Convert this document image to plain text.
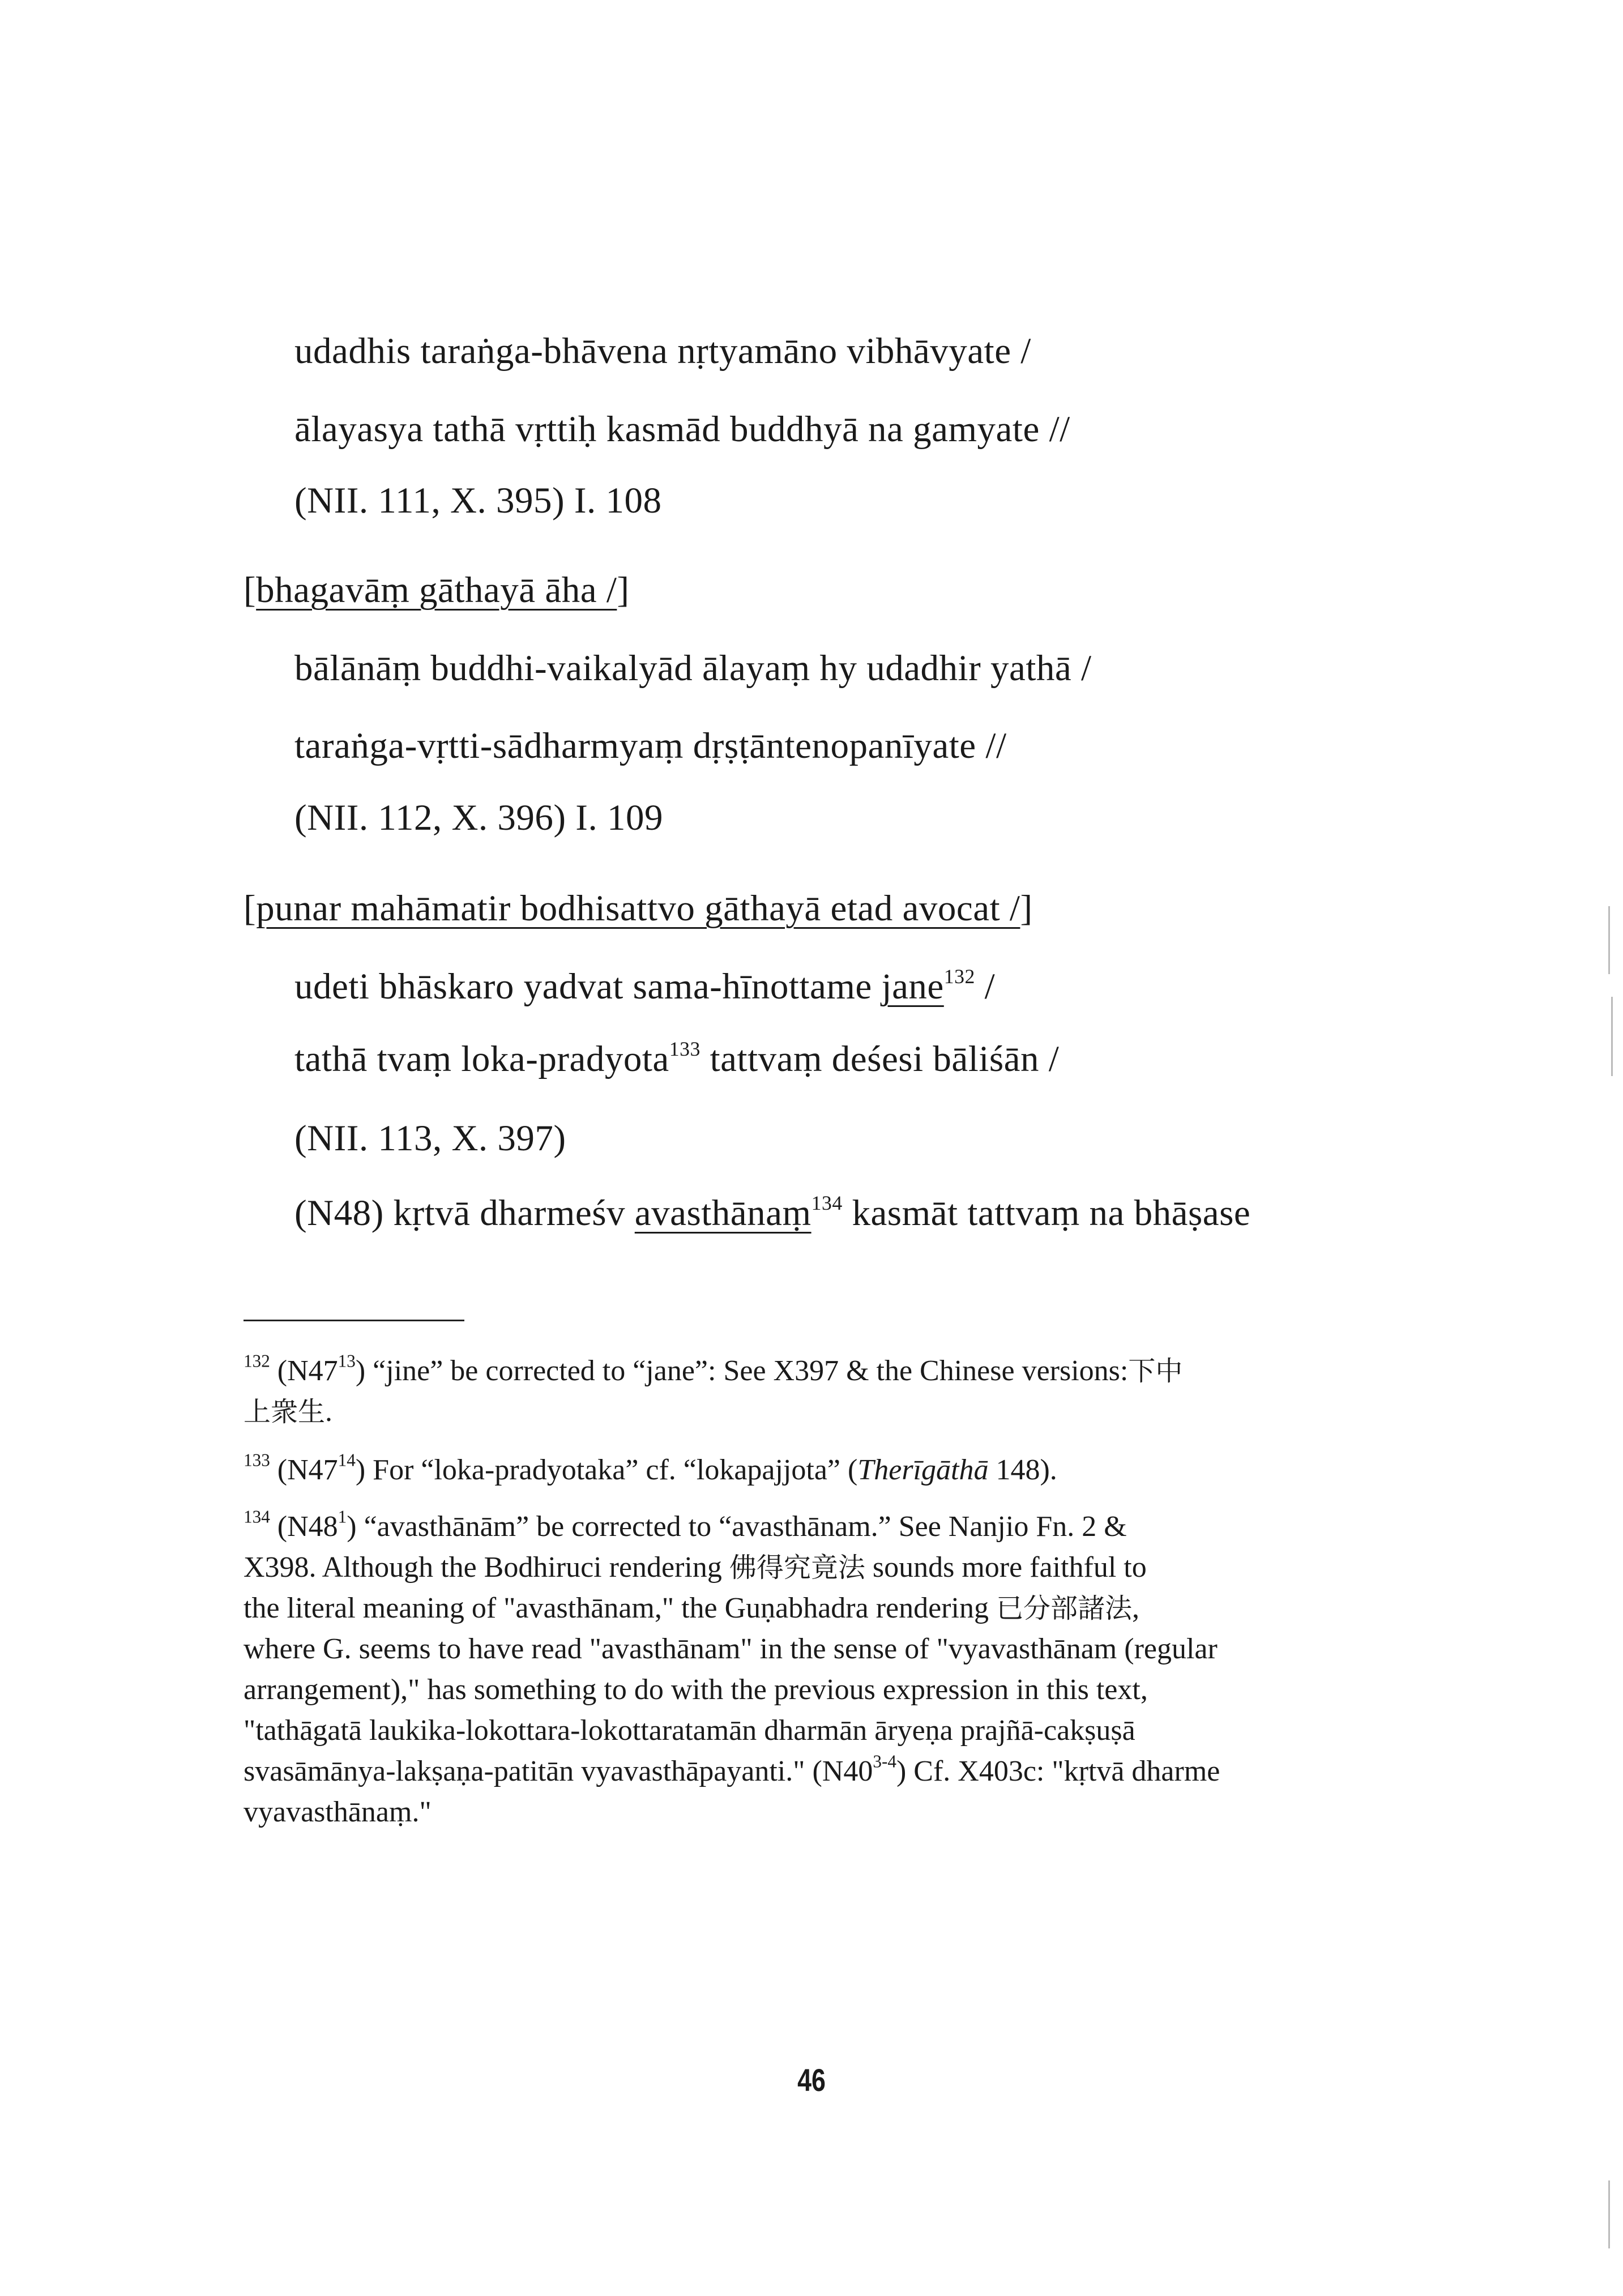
udadhis taraṅga-bhāvena nṛtyamāno vibhāvyate /
ālayasya tathā vṛttiḥ kasmād buddhyā na gamyate //
(NII. 111, X. 395) I. 108
[bhagavāṃ gāthayā āha /]
bālānāṃ buddhi-vaikalyād ālayaṃ hy udadhir yathā /
taraṅga-vṛtti-sādharmyaṃ dṛṣṭāntenopanīyate //
(NII. 112, X. 396) I. 109
[punar mahāmatir bodhisattvo gāthayā etad avocat /]
udeti bhāskaro yadvat sama-hīnottame jane$^{132}$ /
tathā tvaṃ loka-pradyota$^{133}$ tattvaṃ deśesi bāliśān /
(NII. 113, X. 397)
(N48) kṛtvā dharmeśv avasthānaṃ$^{134}$ kasmāt tattvaṃ na bhāṣase
$^{132}$ $(N47^{13})$ “jine” be corrected to “jane”: See X397 & the Chinese versions:下中
上衆生.
$^{133}$ $(N47^{14})$ For “loka-pradyotaka” cf. “lokapajjota” (Therīgāthā 148).
$^{134}$ $(N48^1)$ “avasthānām” be corrected to “avasthānam.” See Nanjio Fn. 2 &
X398. Although the Bodhiruci rendering 佛得究竟法 sounds more faithful to
the literal meaning of "avasthānam," the Guṇabhadra rendering 已分部諸法,
where G. seems to have read "avasthānam" in the sense of "vyavasthānam (regular
arrangement)," has something to do with the previous expression in this text,
"tathāgatā laukika-lokottara-lokottaratamān dharmān āryeṇa prajñā-cakṣuṣā
svasāmānya-lakṣaṇa-patitān vyavasthāpayanti." (N40$^{3-4}$) Cf. X403c: "kṛtvā dharme
vyavasthānaṃ."
46
